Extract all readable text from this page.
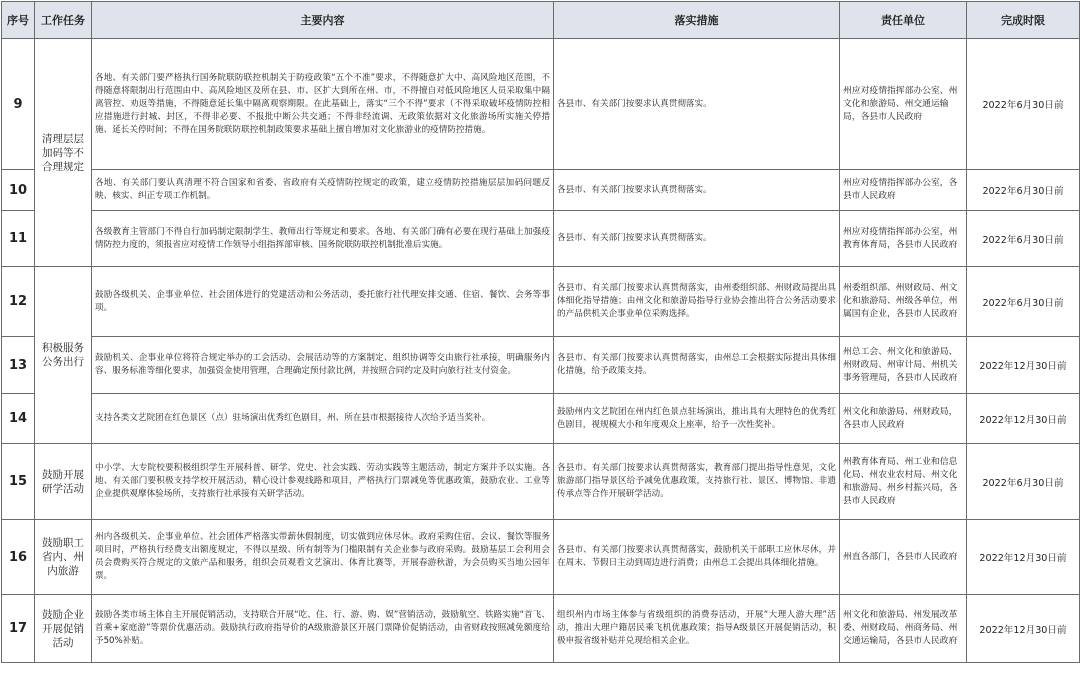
序号	工作任务	主要内容	落实措施	责任单位	完成时限
9	清理层层加码等不合理规定	各地、有关部门要严格执行国务院联防联控机制关于防疫政策“五个不准”要求，不得随意扩大中、高风险地区范围，不得随意将限制出行范围由中、高风险地区及所在县、市、区扩大到所在州、市，不得擅自对低风险地区人员采取集中隔离管控、劝返等措施，不得随意延长集中隔离观察期限。在此基础上，落实“三个不得”要求（不得采取破坏疫情防控相应措施进行封城、封区，不得非必要、不报批中断公共交通；不得非经流调、无政策依据对文化旅游场所实施关停措施、延长关停时间；不得在国务院联防联控机制政策要求基础上擅自增加对文化旅游业的疫情防控措施。	各县市、有关部门按要求认真贯彻落实。	州应对疫情指挥部办公室、州文化和旅游局、州交通运输局，各县市人民政府	2022年6月30日前
10		各地、有关部门要认真清理不符合国家和省委、省政府有关疫情防控规定的政策，建立疫情防控措施层层加码问题反映、核实、纠正专项工作机制。	各县市、有关部门按要求认真贯彻落实。	州应对疫情指挥部办公室，各县市人民政府	2022年6月30日前
11		各级教育主管部门不得自行加码制定限制学生、教师出行等规定和要求。各地、有关部门确有必要在现行基础上加强疫情防控力度的，须报省应对疫情工作领导小组指挥部审核、国务院联防联控机制批准后实施。	各县市、有关部门按要求认真贯彻落实。	州应对疫情指挥部办公室，州教育体育局，各县市人民政府	2022年6月30日前
12	积极服务公务出行	鼓励各级机关、企事业单位、社会团体进行的党建活动和公务活动，委托旅行社代理安排交通、住宿、餐饮、会务等事项。	各县市、有关部门按要求认真贯彻落实，由州委组织部、州财政局提出具体细化指导措施；由州文化和旅游局指导行业协会推出符合公务活动要求的产品供机关企事业单位采购选择。	州委组织部、州财政局、州文化和旅游局、州级各单位，州属国有企业，各县市人民政府	2022年6月30日前
13		鼓励机关、企事业单位将符合规定举办的工会活动、会展活动等的方案制定、组织协调等交由旅行社承接，明确服务内容、服务标准等细化要求，加强资金使用管理，合理确定预付款比例，并按照合同约定及时向旅行社支付资金。	各县市、有关部门按要求认真贯彻落实，由州总工会根据实际提出具体细化措施，给予政策支持。	州总工会、州文化和旅游局、州财政局、州审计局、州机关事务管理局，各县市人民政府	2022年12月30日前
14		支持各类文艺院团在红色景区（点）驻场演出优秀红色剧目，州、所在县市根据接待人次给予适当奖补。	鼓励州内文艺院团在州内红色景点驻场演出，推出具有大理特色的优秀红色剧目，视规模大小和年度观众上座率，给予一次性奖补。	州文化和旅游局、州财政局，各县市人民政府	2022年12月30日前
15	鼓励开展研学活动	中小学、大专院校要积极组织学生开展科普、研学、党史、社会实践、劳动实践等主题活动，制定方案并予以实施。各地、有关部门要积极支持学校开展活动，精心设计参观线路和项目，严格执行门票减免等优惠政策，鼓励农业、工业等企业提供观摩体验场所，支持旅行社承接有关研学活动。	各县市、有关部门按要求认真贯彻落实，教育部门提出指导性意见，文化旅游部门指导景区给予减免优惠政策，支持旅行社、景区、博物馆、非遗传承点等合作开展研学活动。	州教育体育局、州工业和信息化局、州农业农村局、州文化和旅游局、州乡村振兴局，各县市人民政府	2022年6月30日前
16	鼓励职工省内、州内旅游	州内各级机关、企事业单位、社会团体严格落实带薪休假制度，切实做到应休尽休。政府采购住宿、会议、餐饮等服务项目时，严格执行经费支出额度规定，不得以星级、所有制等为门槛限制有关企业参与政府采购。鼓励基层工会利用会员会费购买符合规定的文旅产品和服务，组织会员观看文艺演出、体育比赛等，开展春游秋游，为会员购买当地公园年票。	各县市、有关部门按要求认真贯彻落实，鼓励机关干部职工应休尽休，并在周末、节假日主动到周边进行消费；由州总工会提出具体细化措施。	州直各部门，各县市人民政府	2022年12月30日前
17	鼓励企业开展促销活动	鼓励各类市场主体自主开展促销活动，支持联合开展“吃、住、行、游、购、娱”营销活动，鼓励航空、铁路实施“首飞、首乘+家庭游”等票价优惠活动。鼓励执行政府指导价的A级旅游景区开展门票降价促销活动，由省财政按照减免额度给予50%补贴。	组织州内市场主体参与省级组织的消费券活动，开展“大理人游大理”活动，推出大理户籍居民乘飞机优惠政策；指导A级景区开展促销活动，积极申报省级补贴并兑现给相关企业。	州文化和旅游局、州发展改革委、州财政局、州商务局、州交通运输局，各县市人民政府	2022年12月30日前
